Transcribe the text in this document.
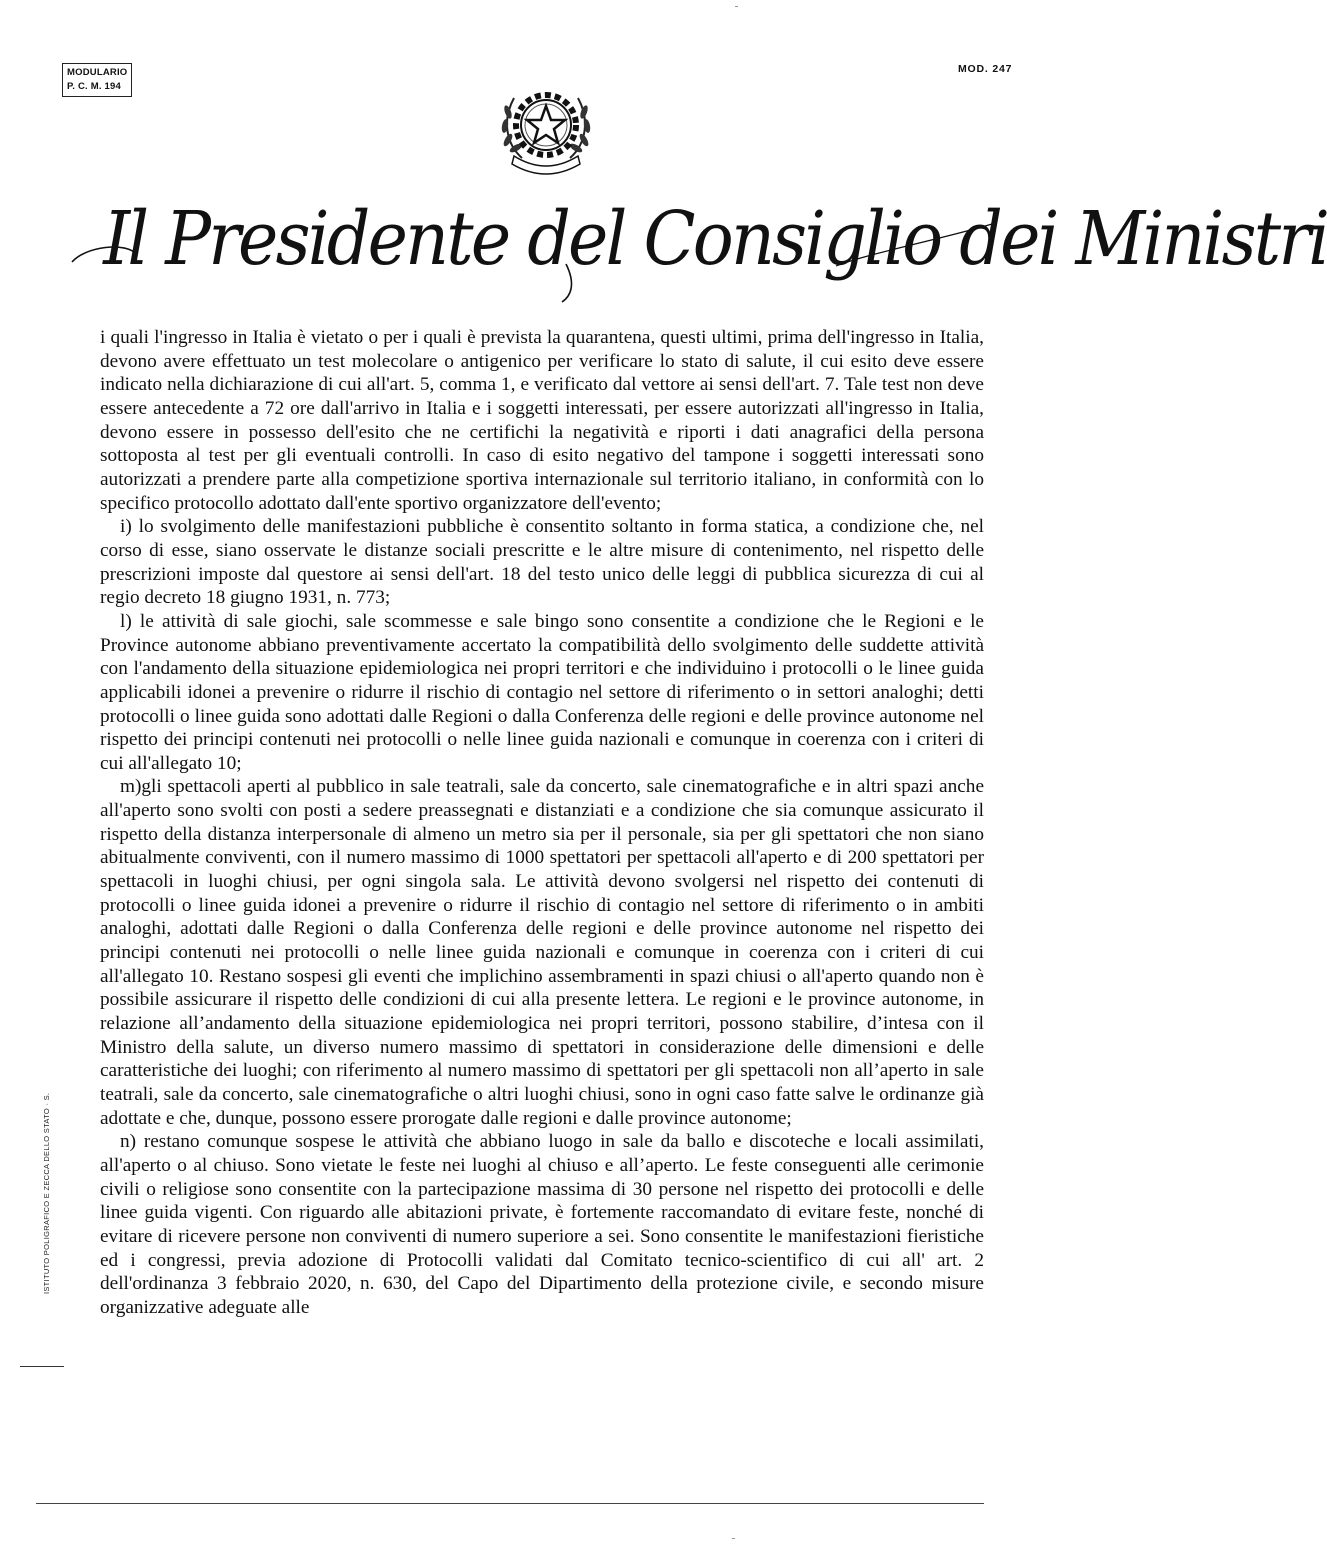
MODULARIO
P. C. M. 194
MOD. 247
Il Presidente del Consiglio dei Ministri

i quali l'ingresso in Italia è vietato o per i quali è prevista la quarantena, questi ultimi, prima dell'ingresso in Italia, devono avere effettuato un test molecolare o antigenico per verificare lo stato di salute, il cui esito deve essere indicato nella dichiarazione di cui all'art. 5, comma 1, e verificato dal vettore ai sensi dell'art. 7. Tale test non deve essere antecedente a 72 ore dall'arrivo in Italia e i soggetti interessati, per essere autorizzati all'ingresso in Italia, devono essere in possesso dell'esito che ne certifichi la negatività e riporti i dati anagrafici della persona sottoposta al test per gli eventuali controlli. In caso di esito negativo del tampone i soggetti interessati sono autorizzati a prendere parte alla competizione sportiva internazionale sul territorio italiano, in conformità con lo specifico protocollo adottato dall'ente sportivo organizzatore dell'evento;

i) lo svolgimento delle manifestazioni pubbliche è consentito soltanto in forma statica, a condizione che, nel corso di esse, siano osservate le distanze sociali prescritte e le altre misure di contenimento, nel rispetto delle prescrizioni imposte dal questore ai sensi dell'art. 18 del testo unico delle leggi di pubblica sicurezza di cui al regio decreto 18 giugno 1931, n. 773;

l) le attività di sale giochi, sale scommesse e sale bingo sono consentite a condizione che le Regioni e le Province autonome abbiano preventivamente accertato la compatibilità dello svolgimento delle suddette attività con l'andamento della situazione epidemiologica nei propri territori e che individuino i protocolli o le linee guida applicabili idonei a prevenire o ridurre il rischio di contagio nel settore di riferimento o in settori analoghi; detti protocolli o linee guida sono adottati dalle Regioni o dalla Conferenza delle regioni e delle province autonome nel rispetto dei principi contenuti nei protocolli o nelle linee guida nazionali e comunque in coerenza con i criteri di cui all'allegato 10;

m)gli spettacoli aperti al pubblico in sale teatrali, sale da concerto, sale cinematografiche e in altri spazi anche all'aperto sono svolti con posti a sedere preassegnati e distanziati e a condizione che sia comunque assicurato il rispetto della distanza interpersonale di almeno un metro sia per il personale, sia per gli spettatori che non siano abitualmente conviventi, con il numero massimo di 1000 spettatori per spettacoli all'aperto e di 200 spettatori per spettacoli in luoghi chiusi, per ogni singola sala. Le attività devono svolgersi nel rispetto dei contenuti di protocolli o linee guida idonei a prevenire o ridurre il rischio di contagio nel settore di riferimento o in ambiti analoghi, adottati dalle Regioni o dalla Conferenza delle regioni e delle province autonome nel rispetto dei principi contenuti nei protocolli o nelle linee guida nazionali e comunque in coerenza con i criteri di cui all'allegato 10. Restano sospesi gli eventi che implichino assembramenti in spazi chiusi o all'aperto quando non è possibile assicurare il rispetto delle condizioni di cui alla presente lettera. Le regioni e le province autonome, in relazione all’andamento della situazione epidemiologica nei propri territori, possono stabilire, d’intesa con il Ministro della salute, un diverso numero massimo di spettatori in considerazione delle dimensioni e delle caratteristiche dei luoghi; con riferimento al numero massimo di spettatori per gli spettacoli non all’aperto in sale teatrali, sale da concerto, sale cinematografiche o altri luoghi chiusi, sono in ogni caso fatte salve le ordinanze già adottate e che, dunque, possono essere prorogate dalle regioni e dalle province autonome;

n) restano comunque sospese le attività che abbiano luogo in sale da ballo e discoteche e locali assimilati, all'aperto o al chiuso. Sono vietate le feste nei luoghi al chiuso e all’aperto. Le feste conseguenti alle cerimonie civili o religiose sono consentite con la partecipazione massima di 30 persone nel rispetto dei protocolli e delle linee guida vigenti. Con riguardo alle abitazioni private, è fortemente raccomandato di evitare feste, nonché di evitare di ricevere persone non conviventi di numero superiore a sei. Sono consentite le manifestazioni fieristiche ed i congressi, previa adozione di Protocolli validati dal Comitato tecnico-scientifico di cui all' art. 2 dell'ordinanza 3 febbraio 2020, n. 630, del Capo del Dipartimento della protezione civile, e secondo misure organizzative adeguate alle

ISTITUTO POLIGRAFICO E ZECCA DELLO STATO · S.
